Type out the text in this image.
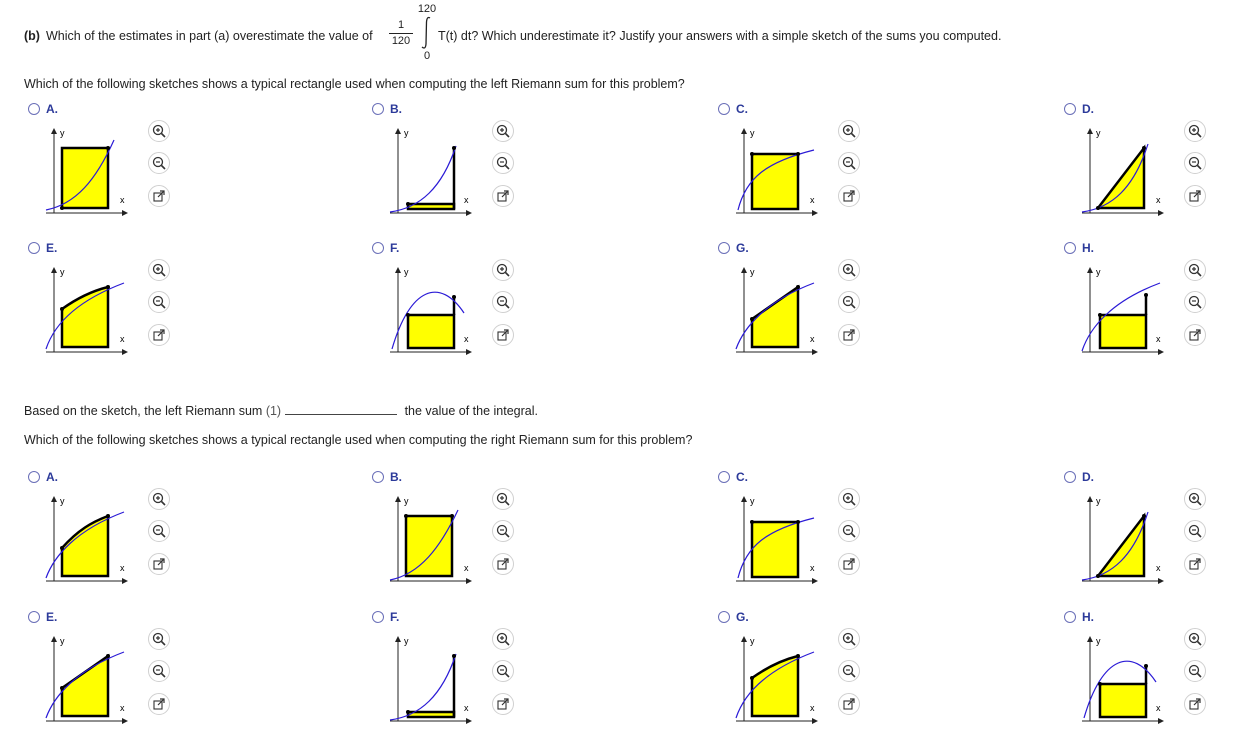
(b) Which of the estimates in part (a) overestimate the value of
1
120
120
0
T(t) dt? Which underestimate it? Justify your answers with a simple sketch of the sums you computed.
Which of the following sketches shows a typical rectangle used when computing the left Riemann sum for this problem?
A.
y
x
B.
y
x
C.
y
x
D.
y
x
E.
y
x
F.
y
x
G.
y
x
H.
y
x
Based on the sketch, the left Riemann sum (1)	the value of the integral.
Which of the following sketches shows a typical rectangle used when computing the right Riemann sum for this problem?
A.
y
x
B.
y
x
C.
y
x
D.
y
x
E.
y
x
F.
y
x
G.
y
x
H.
y
x
